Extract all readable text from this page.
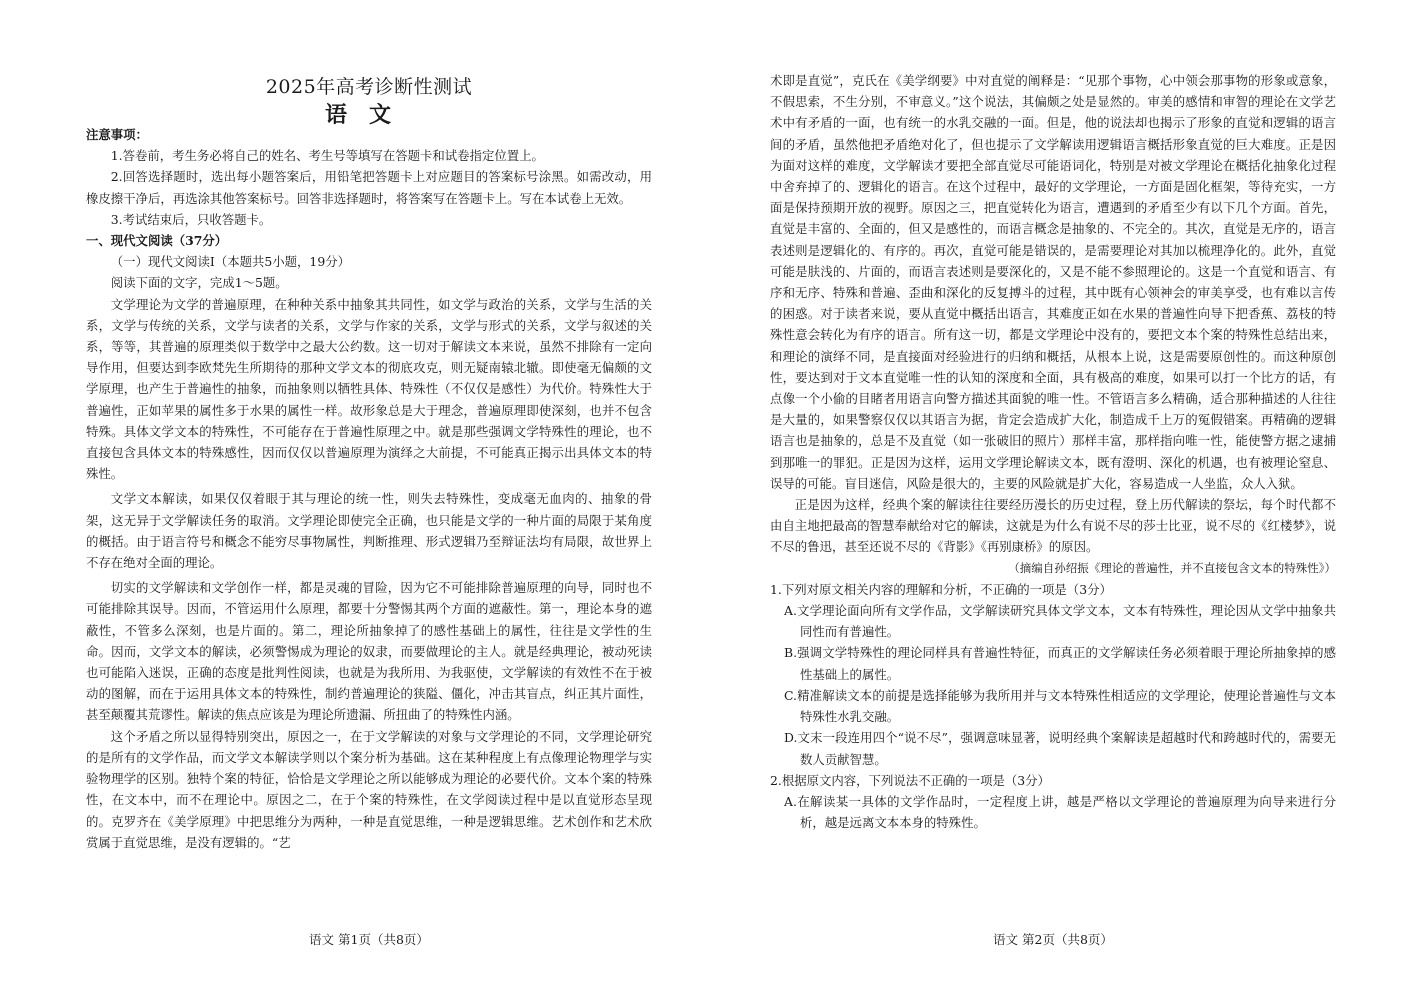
2025年高考诊断性测试
语文

注意事项：

1.答卷前，考生务必将自己的姓名、考生号等填写在答题卡和试卷指定位置上。

2.回答选择题时，选出每小题答案后，用铅笔把答题卡上对应题目的答案标号涂黑。如需改动，用橡皮擦干净后，再选涂其他答案标号。回答非选择题时，将答案写在答题卡上。写在本试卷上无效。

3.考试结束后，只收答题卡。

一、现代文阅读（37分）

（一）现代文阅读Ⅰ（本题共5小题，19分）

阅读下面的文字，完成1～5题。

文学理论为文学的普遍原理，在种种关系中抽象其共同性，如文学与政治的关系，文学与生活的关系，文学与传统的关系，文学与读者的关系，文学与作家的关系，文学与形式的关系，文学与叙述的关系，等等，其普遍的原理类似于数学中之最大公约数。这一切对于解读文本来说，虽然不排除有一定向导作用，但要达到李欧梵先生所期待的那种文学文本的彻底攻克，则无疑南辕北辙。即使毫无偏颇的文学原理，也产生于普遍性的抽象，而抽象则以牺牲具体、特殊性（不仅仅是感性）为代价。特殊性大于普遍性，正如苹果的属性多于水果的属性一样。故形象总是大于理念，普遍原理即使深刻，也并不包含特殊。具体文学文本的特殊性，不可能存在于普遍性原理之中。就是那些强调文学特殊性的理论，也不直接包含具体文本的特殊感性，因而仅仅以普遍原理为演绎之大前提，不可能真正揭示出具体文本的特殊性。

文学文本解读，如果仅仅着眼于其与理论的统一性，则失去特殊性，变成毫无血肉的、抽象的骨架，这无异于文学解读任务的取消。文学理论即使完全正确，也只能是文学的一种片面的局限于某角度的概括。由于语言符号和概念不能穷尽事物属性，判断推理、形式逻辑乃至辩证法均有局限，故世界上不存在绝对全面的理论。

切实的文学解读和文学创作一样，都是灵魂的冒险，因为它不可能排除普遍原理的向导，同时也不可能排除其误导。因而，不管运用什么原理，都要十分警惕其两个方面的遮蔽性。第一，理论本身的遮蔽性，不管多么深刻，也是片面的。第二，理论所抽象掉了的感性基础上的属性，往往是文学性的生命。因而，文学文本的解读，必须警惕成为理论的奴隶，而要做理论的主人。就是经典理论，被动死读也可能陷入迷误，正确的态度是批判性阅读，也就是为我所用、为我驱使，文学解读的有效性不在于被动的图解，而在于运用具体文本的特殊性，制约普遍理论的狭隘、僵化，冲击其盲点，纠正其片面性，甚至颠覆其荒谬性。解读的焦点应该是为理论所遗漏、所扭曲了的特殊性内涵。

这个矛盾之所以显得特别突出，原因之一，在于文学解读的对象与文学理论的不同，文学理论研究的是所有的文学作品，而文学文本解读学则以个案分析为基础。这在某种程度上有点像理论物理学与实验物理学的区别。独特个案的特征，恰恰是文学理论之所以能够成为理论的必要代价。文本个案的特殊性，在文本中，而不在理论中。原因之二，在于个案的特殊性，在文学阅读过程中是以直觉形态呈现的。克罗齐在《美学原理》中把思维分为两种，一种是直觉思维，一种是逻辑思维。艺术创作和艺术欣赏属于直觉思维，是没有逻辑的。“艺

语文 第1页（共8页）

术即是直觉”，克氏在《美学纲要》中对直觉的阐释是：“见那个事物，心中领会那事物的形象或意象，不假思索，不生分别，不审意义。”这个说法，其偏颇之处是显然的。审美的感情和审智的理论在文学艺术中有矛盾的一面，也有统一的水乳交融的一面。但是，他的说法却也揭示了形象的直觉和逻辑的语言间的矛盾，虽然他把矛盾绝对化了，但也提示了文学解读用逻辑语言概括形象直觉的巨大难度。正是因为面对这样的难度，文学解读才要把全部直觉尽可能语词化，特别是对被文学理论在概括化抽象化过程中舍弃掉了的、逻辑化的语言。在这个过程中，最好的文学理论，一方面是固化框架，等待充实，一方面是保持预期开放的视野。原因之三，把直觉转化为语言，遭遇到的矛盾至少有以下几个方面。首先，直觉是丰富的、全面的，但又是感性的，而语言概念是抽象的、不完全的。其次，直觉是无序的，语言表述则是逻辑化的、有序的。再次，直觉可能是错误的，是需要理论对其加以梳理净化的。此外，直觉可能是肤浅的、片面的，而语言表述则是要深化的，又是不能不参照理论的。这是一个直觉和语言、有序和无序、特殊和普遍、歪曲和深化的反复搏斗的过程，其中既有心领神会的审美享受，也有难以言传的困惑。对于读者来说，要从直觉中概括出语言，其难度正如在水果的普遍性向导下把香蕉、荔枝的特殊性意会转化为有序的语言。所有这一切，都是文学理论中没有的，要把文本个案的特殊性总结出来，和理论的演绎不同，是直接面对经验进行的归纳和概括，从根本上说，这是需要原创性的。而这种原创性，要达到对于文本直觉唯一性的认知的深度和全面，具有极高的难度，如果可以打一个比方的话，有点像一个小偷的目睹者用语言向警方描述其面貌的唯一性。不管语言多么精确，适合那种描述的人往往是大量的，如果警察仅仅以其语言为据，肯定会造成扩大化，制造成千上万的冤假错案。再精确的逻辑语言也是抽象的，总是不及直觉（如一张破旧的照片）那样丰富，那样指向唯一性，能使警方据之逮捕到那唯一的罪犯。正是因为这样，运用文学理论解读文本，既有澄明、深化的机遇，也有被理论窒息、误导的可能。盲目迷信，风险是很大的，主要的风险就是扩大化，容易造成一人坐监，众人入狱。

正是因为这样，经典个案的解读往往要经历漫长的历史过程，登上历代解读的祭坛，每个时代都不由自主地把最高的智慧奉献给对它的解读，这就是为什么有说不尽的莎士比亚，说不尽的《红楼梦》，说不尽的鲁迅，甚至还说不尽的《背影》《再别康桥》的原因。

（摘编自孙绍振《理论的普遍性，并不直接包含文本的特殊性》）

1.下列对原文相关内容的理解和分析，不正确的一项是（3分）

A.文学理论面向所有文学作品，文学解读研究具体文学文本，文本有特殊性，理论因从文学中抽象共同性而有普遍性。

B.强调文学特殊性的理论同样具有普遍性特征，而真正的文学解读任务必须着眼于理论所抽象掉的感性基础上的属性。

C.精准解读文本的前提是选择能够为我所用并与文本特殊性相适应的文学理论，使理论普遍性与文本特殊性水乳交融。

D.文末一段连用四个“说不尽”，强调意味显著，说明经典个案解读是超越时代和跨越时代的，需要无数人贡献智慧。

2.根据原文内容，下列说法不正确的一项是（3分）

A.在解读某一具体的文学作品时，一定程度上讲，越是严格以文学理论的普遍原理为向导来进行分析，越是远离文本本身的特殊性。

语文 第2页（共8页）
